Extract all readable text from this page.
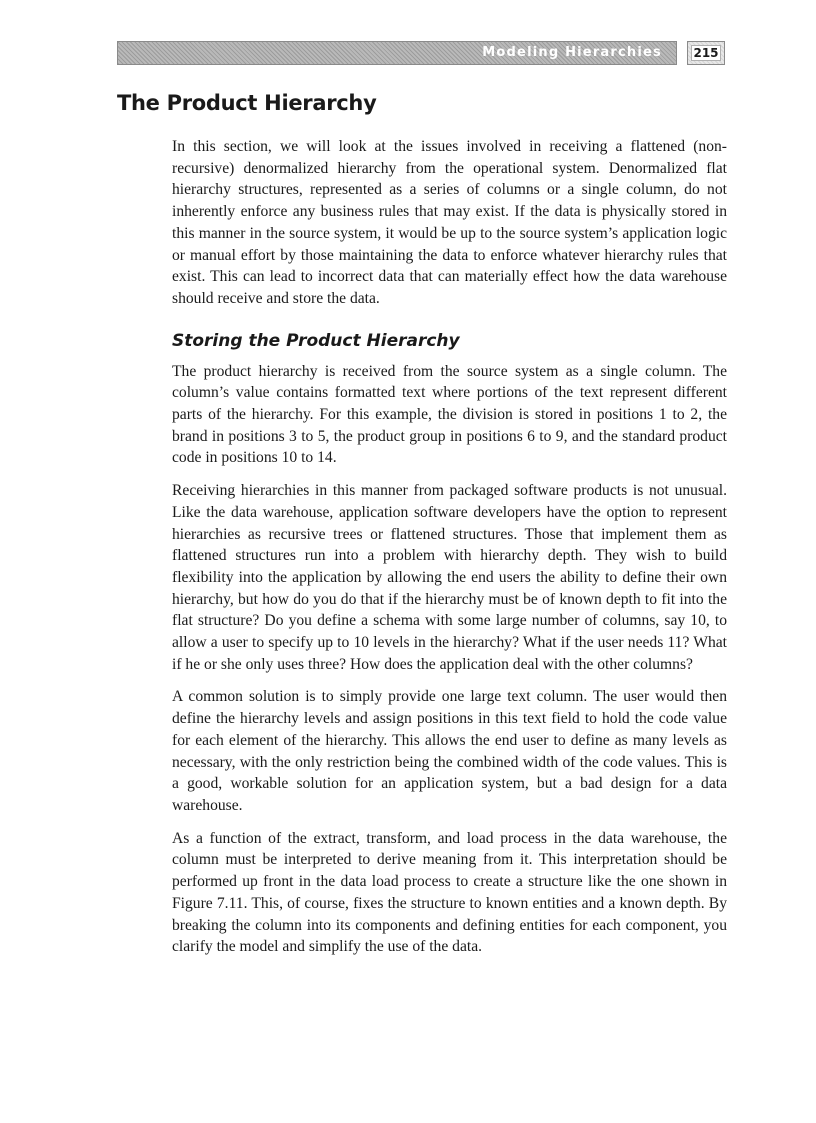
Modeling Hierarchies	215
The Product Hierarchy

In this section, we will look at the issues involved in receiving a flattened (non-recursive) denormalized hierarchy from the operational system. Denormalized flat hierarchy structures, represented as a series of columns or a single column, do not inherently enforce any business rules that may exist. If the data is physically stored in this manner in the source system, it would be up to the source system’s application logic or manual effort by those maintaining the data to enforce whatever hierarchy rules that exist. This can lead to incorrect data that can materially effect how the data warehouse should receive and store the data.

Storing the Product Hierarchy

The product hierarchy is received from the source system as a single column. The column’s value contains formatted text where portions of the text represent different parts of the hierarchy. For this example, the division is stored in positions 1 to 2, the brand in positions 3 to 5, the product group in positions 6 to 9, and the standard product code in positions 10 to 14.

Receiving hierarchies in this manner from packaged software products is not unusual. Like the data warehouse, application software developers have the option to represent hierarchies as recursive trees or flattened structures. Those that implement them as flattened structures run into a problem with hierarchy depth. They wish to build flexibility into the application by allowing the end users the ability to define their own hierarchy, but how do you do that if the hierarchy must be of known depth to fit into the flat structure? Do you define a schema with some large number of columns, say 10, to allow a user to specify up to 10 levels in the hierarchy? What if the user needs 11? What if he or she only uses three? How does the application deal with the other columns?

A common solution is to simply provide one large text column. The user would then define the hierarchy levels and assign positions in this text field to hold the code value for each element of the hierarchy. This allows the end user to define as many levels as necessary, with the only restriction being the combined width of the code values. This is a good, workable solution for an application system, but a bad design for a data warehouse.

As a function of the extract, transform, and load process in the data warehouse, the column must be interpreted to derive meaning from it. This interpretation should be performed up front in the data load process to create a structure like the one shown in Figure 7.11. This, of course, fixes the structure to known entities and a known depth. By breaking the column into its components and defining entities for each component, you clarify the model and simplify the use of the data.
